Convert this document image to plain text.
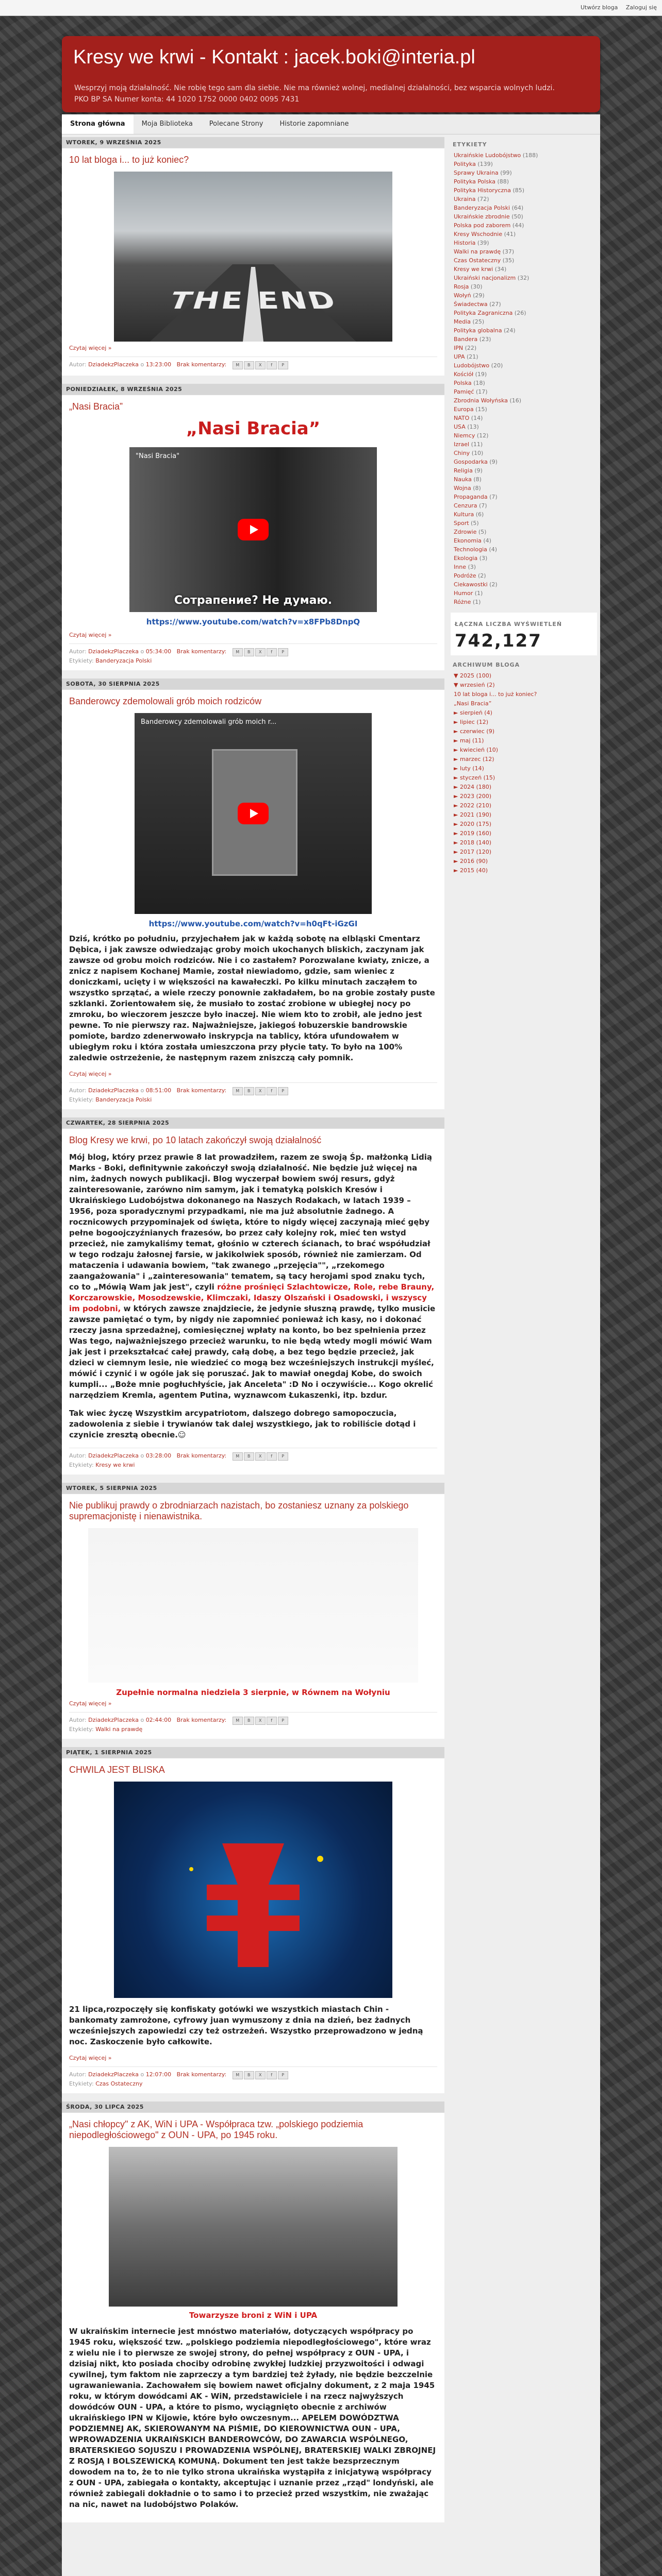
Utwórz bloga Zaloguj się
Kresy we krwi - Kontakt : jacek.boki@interia.pl
Wesprzyj moją działalność. Nie robię tego sam dla siebie. Nie ma również wolnej, medialnej działalności, bez wsparcia wolnych ludzi. PKO BP SA Numer konta: 44 1020 1752 0000 0402 0095 7431
Strona główna Moja Biblioteka Polecane Strony Historie zapomniane
WTOREK, 9 WRZEŚNIA 2025
10 lat bloga i... to już koniec?
THE END
Czytaj więcej »
Autor: DziadekzPlaczeka o 13:23:00 Brak komentarzy: M B X f P
PONIEDZIAŁEK, 8 WRZEŚNIA 2025
„Nasi Bracia”
„Nasi Bracia”
"Nasi Bracia"
Сотрапение? Не думаю.
https://www.youtube.com/watch?v=x8FPb8DnpQ
Czytaj więcej »
Autor: DziadekzPlaczeka o 05:34:00 Brak komentarzy: M B X f P
Etykiety: Banderyzacja Polski
SOBOTA, 30 SIERPNIA 2025
Banderowcy zdemolowali grób moich rodziców
Banderowcy zdemolowali grób moich r...
https://www.youtube.com/watch?v=h0qFt-iGzGI

Dziś, krótko po południu, przyjechałem jak w każdą sobotę na elbląski Cmentarz Dębica, i jak zawsze odwiedzając groby moich ukochanych bliskich, zaczynam jak zawsze od grobu moich rodziców. Nie i co zastałem? Porozwalane kwiaty, znicze, a znicz z napisem Kochanej Mamie, został niewiadomo, gdzie, sam wieniec z doniczkami, ucięty i w większości na kawałeczki. Po kilku minutach zacząłem to wszystko sprzątać, a wiele rzeczy ponownie zakładałem, bo na grobie zostały puste szklanki. Zorientowałem się, że musiało to zostać zrobione w ubiegłej nocy po zmroku, bo wieczorem jeszcze było inaczej. Nie wiem kto to zrobił, ale jedno jest pewne. To nie pierwszy raz. Najważniejsze, jakiegoś łobuzerskie bandrowskie pomiote, bardzo zdenerwowało inskrypcja na tablicy, która ufundowałem w ubiegłym roku i która została umieszczona przy płycie taty. To było na 100% zaledwie ostrzeżenie, że następnym razem zniszczą cały pomnik.

Czytaj więcej »
Autor: DziadekzPlaczeka o 08:51:00 Brak komentarzy: M B X f P
Etykiety: Banderyzacja Polski
CZWARTEK, 28 SIERPNIA 2025
Blog Kresy we krwi, po 10 latach zakończył swoją działalność

Mój blog, który przez prawie 8 lat prowadziłem, razem ze swoją Śp. małżonką Lidią Marks - Boki, definitywnie zakończył swoją działalność. Nie będzie już więcej na nim, żadnych nowych publikacji. Blog wyczerpał bowiem swój resurs, gdyż zainteresowanie, zarówno nim samym, jak i tematyką polskich Kresów i Ukraińskiego Ludobójstwa dokonanego na Naszych Rodakach, w latach 1939 – 1956, poza sporadycznymi przypadkami, nie ma już absolutnie żadnego. A rocznicowych przypominajek od święta, które to nigdy więcej zaczynają mieć gęby pełne bogoojczyźnianych frazesów, bo przez cały kolejny rok, mieć ten wstyd przecież, nie zamykaliśmy temat, głośnio w czterech ścianach, to brać współudział w tego rodzaju żałosnej farsie, w jakikolwiek sposób, również nie zamierzam. Od mataczenia i udawania bowiem, "tak zwanego „przejęcia"", „rzekomego zaangażowania" i „zainteresowania" tematem, są tacy herojami spod znaku tych, co to „Mówią Wam jak jest", czyli różne prośnięci Szlachtowicze, Role, rebe Brauny, Korczarowskie, Mosodzewskie, Klimczaki, Idaszy Olszański i Osadowski, i wszyscy im podobni, w których zawsze znajdziecie, że jedynie słuszną prawdę, tylko musicie zawsze pamiętać o tym, by nigdy nie zapomnieć ponieważ ich kasy, no i dokonać rzeczy jasna sprzedażnej, comiesięcznej wpłaty na konto, bo bez spełnienia przez Was tego, najważniejszego przecież warunku, to nie będą wtedy mogli mówić Wam jak jest i przekształcać całej prawdy, całą dobę, a bez tego będzie przecież, jak dzieci w ciemnym lesie, nie wiedzieć co mogą bez wcześniejszych instrukcji myśleć, mówić i czynić i w ogóle jak się poruszać. Jak to mawiał onegdaj Kobe, do swoich kumpli... „Boże mnie pogłuchłyście, jak Anceleta" :D No i oczywiście... Kogo okrelić narzędziem Kremla, agentem Putina, wyznawcom Łukaszenki, itp. bzdur.

Tak wiec życzę Wszystkim arcypatriotom, dalszego dobrego samopoczucia, zadowolenia z siebie i trywianów tak dalej wszystkiego, jak to robiliście dotąd i czynicie zresztą obecnie.☺

Autor: DziadekzPlaczeka o 03:28:00 Brak komentarzy: M B X f P
Etykiety: Kresy we krwi
WTOREK, 5 SIERPNIA 2025
Nie publikuj prawdy o zbrodniarzach nazistach, bo zostaniesz uznany za polskiego supremacjonistę i nienawistnika.
Zupełnie normalna niedziela 3 sierpnie, w Równem na Wołyniu
Czytaj więcej »
Autor: DziadekzPlaczeka o 02:44:00 Brak komentarzy: M B X f P
Etykiety: Walki na prawdę
PIĄTEK, 1 SIERPNIA 2025
CHWILA JEST BLISKA

21 lipca,rozpoczęły się konfiskaty gotówki we wszystkich miastach Chin - bankomaty zamrożone, cyfrowy juan wymuszony z dnia na dzień, bez żadnych wcześniejszych zapowiedzi czy też ostrzeżeń. Wszystko przeprowadzono w jedną noc. Zaskoczenie było całkowite.

Czytaj więcej »
Autor: DziadekzPlaczeka o 12:07:00 Brak komentarzy: M B X f P
Etykiety: Czas Ostateczny
ŚRODA, 30 LIPCA 2025
„Nasi chłopcy" z AK, WiN i UPA - Współpraca tzw. „polskiego podziemia niepodległościowego" z OUN - UPA, po 1945 roku.
Towarzysze broni z WiN i UPA

W ukraińskim internecie jest mnóstwo materiałów, dotyczących współpracy po 1945 roku, większość tzw. „polskiego podziemia niepodległościowego", które wraz z wielu nie i to pierwsze ze swojej strony, do pełnej współpracy z OUN - UPA, i dzisiaj nikt, kto posiada chociby odrobinę zwykłej ludzkiej przyzwoitości i odwagi cywilnej, tym faktom nie zaprzeczy a tym bardziej też żyłady, nie będzie bezczelnie ugrawaniewania. Zachowałem się bowiem nawet oficjalny dokument, z 2 maja 1945 roku, w którym dowódcami AK - WiN, przedstawiciele i na rzecz najwyższych dowódców OUN - UPA, a które to pismo, wyciągnięto obecnie z archiwów ukraińskiego IPN w Kijowie, które było owczesnym... APELEM DOWÓDZTWA PODZIEMNEJ AK, SKIEROWANYM NA PIŚMIE, DO KIEROWNICTWA OUN - UPA, WPROWADZENIA UKRAIŃSKICH BANDEROWCÓW, DO ZAWARCIA WSPÓLNEGO, BRATERSKIEGO SOJUSZU I PROWADZENIA WSPÓLNEJ, BRATERSKIEJ WALKI ZBROJNEJ Z ROSJĄ I BOLSZEWICKĄ KOMUNĄ. Dokument ten jest także bezsprzecznym dowodem na to, że to nie tylko strona ukraińska wystąpiła z inicjatywą współpracy z OUN - UPA, zabiegała o kontakty, akceptując i uznanie przez „rząd" londyński, ale również zabiegali dokładnie o to samo i to przecież przed wszystkim, nie zważając na nic, nawet na ludobójstwo Polaków.

ETYKIETY
Ukraińskie Ludobójstwo (188)
Polityka (139)
Sprawy Ukraina (99)
Polityka Polska (88)
Polityka Historyczna (85)
Ukraina (72)
Banderyzacja Polski (64)
Ukraińskie zbrodnie (50)
Polska pod zaborem (44)
Kresy Wschodnie (41)
Historia (39)
Walki na prawdę (37)
Czas Ostateczny (35)
Kresy we krwi (34)
Ukraiński nacjonalizm (32)
Rosja (30)
Wołyń (29)
Świadectwa (27)
Polityka Zagraniczna (26)
Media (25)
Polityka globalna (24)
Bandera (23)
IPN (22)
UPA (21)
Ludobójstwo (20)
Kościół (19)
Polska (18)
Pamięć (17)
Zbrodnia Wołyńska (16)
Europa (15)
NATO (14)
USA (13)
Niemcy (12)
Izrael (11)
Chiny (10)
Gospodarka (9)
Religia (9)
Nauka (8)
Wojna (8)
Propaganda (7)
Cenzura (7)
Kultura (6)
Sport (5)
Zdrowie (5)
Ekonomia (4)
Technologia (4)
Ekologia (3)
Inne (3)
Podróże (2)
Ciekawostki (2)
Humor (1)
Różne (1)
ŁĄCZNA LICZBA WYŚWIETLEŃ
742,127
ARCHIWUM BLOGA
▼ 2025 (100)
▼ wrzesień (2)
10 lat bloga i... to już koniec?
„Nasi Bracia”
► sierpień (4)
► lipiec (12)
► czerwiec (9)
► maj (11)
► kwiecień (10)
► marzec (12)
► luty (14)
► styczeń (15)
► 2024 (180)
► 2023 (200)
► 2022 (210)
► 2021 (190)
► 2020 (175)
► 2019 (160)
► 2018 (140)
► 2017 (120)
► 2016 (90)
► 2015 (40)
